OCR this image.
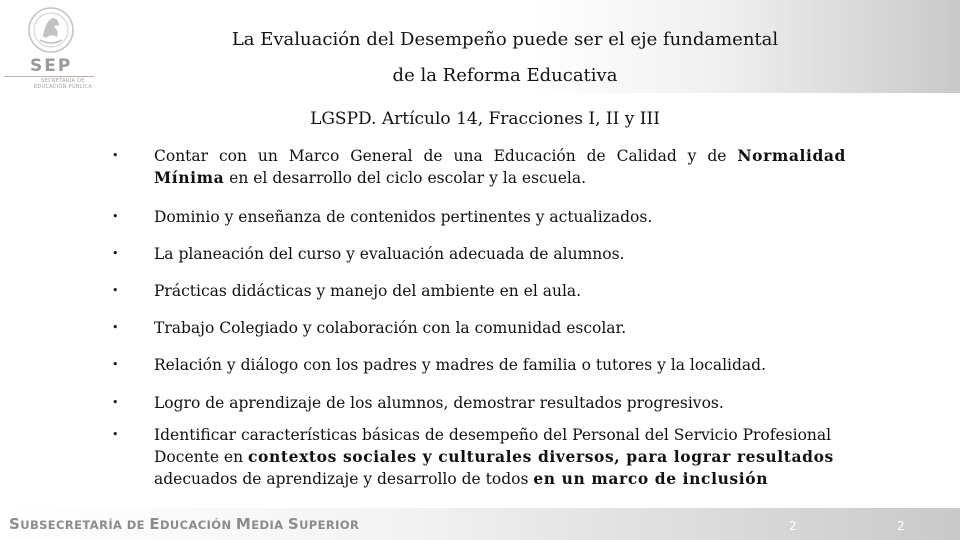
SEP
SECRETARÍA DE
EDUCACIÓN PÚBLICA
La Evaluación del Desempeño puede ser el eje fundamental
de la Reforma Educativa
LGSPD. Artículo 14, Fracciones I, II y III
• Contar con un Marco General de una Educación de Calidad y de Normalidad Mínima en el desarrollo del ciclo escolar y la escuela.
• Dominio y enseñanza de contenidos pertinentes y actualizados.
• La planeación del curso y evaluación adecuada de alumnos.
• Prácticas didácticas y manejo del ambiente en el aula.
• Trabajo Colegiado y colaboración con la comunidad escolar.
• Relación y diálogo con los padres y madres de familia o tutores y la localidad.
• Logro de aprendizaje de los alumnos, demostrar resultados progresivos.
• Identificar características básicas de desempeño del Personal del Servicio Profesional Docente en contextos sociales y culturales diversos, para lograr resultados adecuados de aprendizaje y desarrollo de todos en un marco de inclusión
SUBSECRETARÍA DE EDUCACIÓN MEDIA SUPERIOR	2	2
